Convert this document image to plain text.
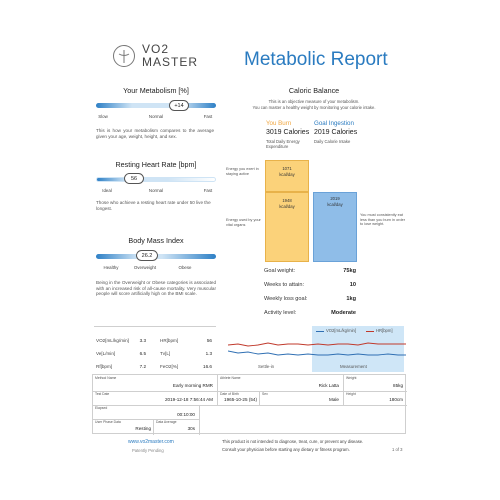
VO2
MASTER Metabolic Report
Your Metabolism [%]
+14
Slow	Normal	Fast
This is how your metabolism compares to the average given your age, weight, height, and sex.
Resting Heart Rate [bpm]
56
Ideal	Normal	Fast
Those who achieve a resting heart rate under 50 live the longest.
Body Mass Index
26.2
Healthy	Overweight	Obese
Being in the Overweight or Obese categories is associated with an increased risk of all-cause mortality. Very muscular people will score artificially high on the BMI scale.
Caloric Balance
This is an objective measure of your metabolism.
You can master a healthy weight by monitoring your calorie intake.
You Burn
3019 Calories
Total Daily Energy Expenditure
Goal Ingestion
2019 Calories
Daily Calorie Intake
1071
kcal/day
1948
kcal/day
2019
kcal/day
Energy you exert in staying active
Energy used by your vital organs
You must consistently eat less than you burn in order to lose weight.
Goal weight:	75kg
Weeks to attain:	10
Weekly loss goal:	1kg
Activity level:	Moderate
VO2[mL/kg/min]	3.3	HR[bpm]	56
Ve[L/min]	6.5	Tv[L]	1.3
Rf[bpm]	7.2	FeO2[%]	16.6
VO2[mL/kg/min]	HR[bpm]
Settle-in	Measurement
Method Name
Early morning RMR
Athlete Name
Rick Latta
Weight
85kg
Test Date
2019-12-18 7:56:44 AM
Date of Birth
1965-10-25 (54)
Sex
Male
Height
180cm
Elapsed
00:10:00
User Phase Data
Resting
Data Average
30s
www.vo2master.com
Patently Pending
This product is not intended to diagnose, treat, cure, or prevent any disease.
Consult your physician before starting any dietary or fitness program.	1 of 3
